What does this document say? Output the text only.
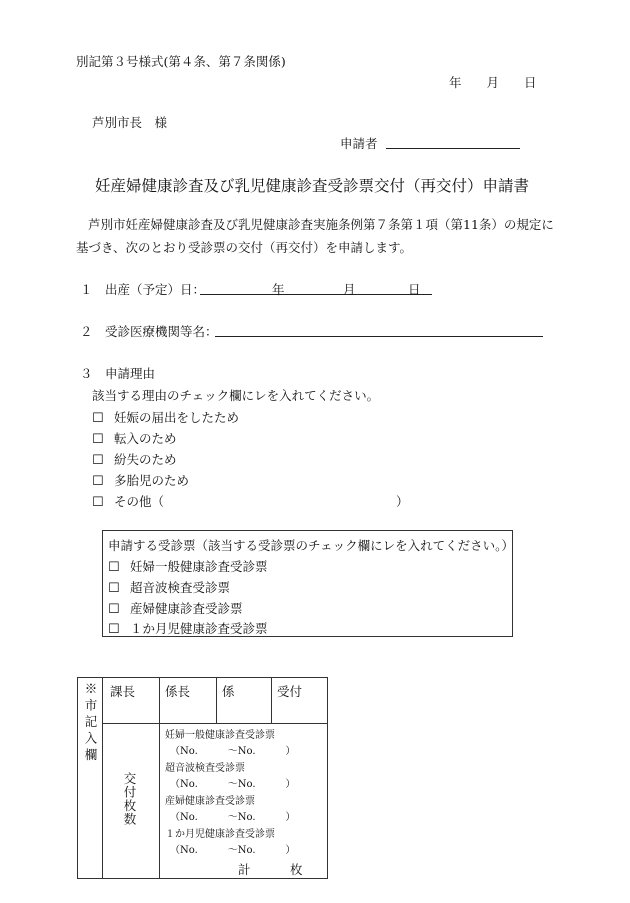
別記第３号様式(第４条、第７条関係)
年　　月　　日
芦別市長　様
申請者
妊産婦健康診査及び乳児健康診査受診票交付（再交付）申請書
芦別市妊産婦健康診査及び乳児健康診査実施条例第７条第１項（第11条）の規定に
基づき、次のとおり受診票の交付（再交付）を申請します。
１　出産（予定）日：	年	月	日
２　受診医療機関等名：
３　申請理由
該当する理由のチェック欄にレを入れてください。
☐ 妊娠の届出をしたため
☐ 転入のため
☐ 紛失のため
☐ 多胎児のため
☐ その他（	）
申請する受診票（該当する受診票のチェック欄にレを入れてください。）
☐ 妊婦一般健康診査受診票
☐ 超音波検査受診票
☐ 産婦健康診査受診票
☐ １か月児健康診査受診票
※市記入欄 課長 係長	係	受付
交付枚数
妊婦一般健康診査受診票
（No.　　　～No.　　　）
超音波検査受診票
（No.　　　～No.　　　）
産婦健康診査受診票
（No.　　　～No.　　　）
１か月児健康診査受診票
（No.　　　～No.　　　）
計	枚
